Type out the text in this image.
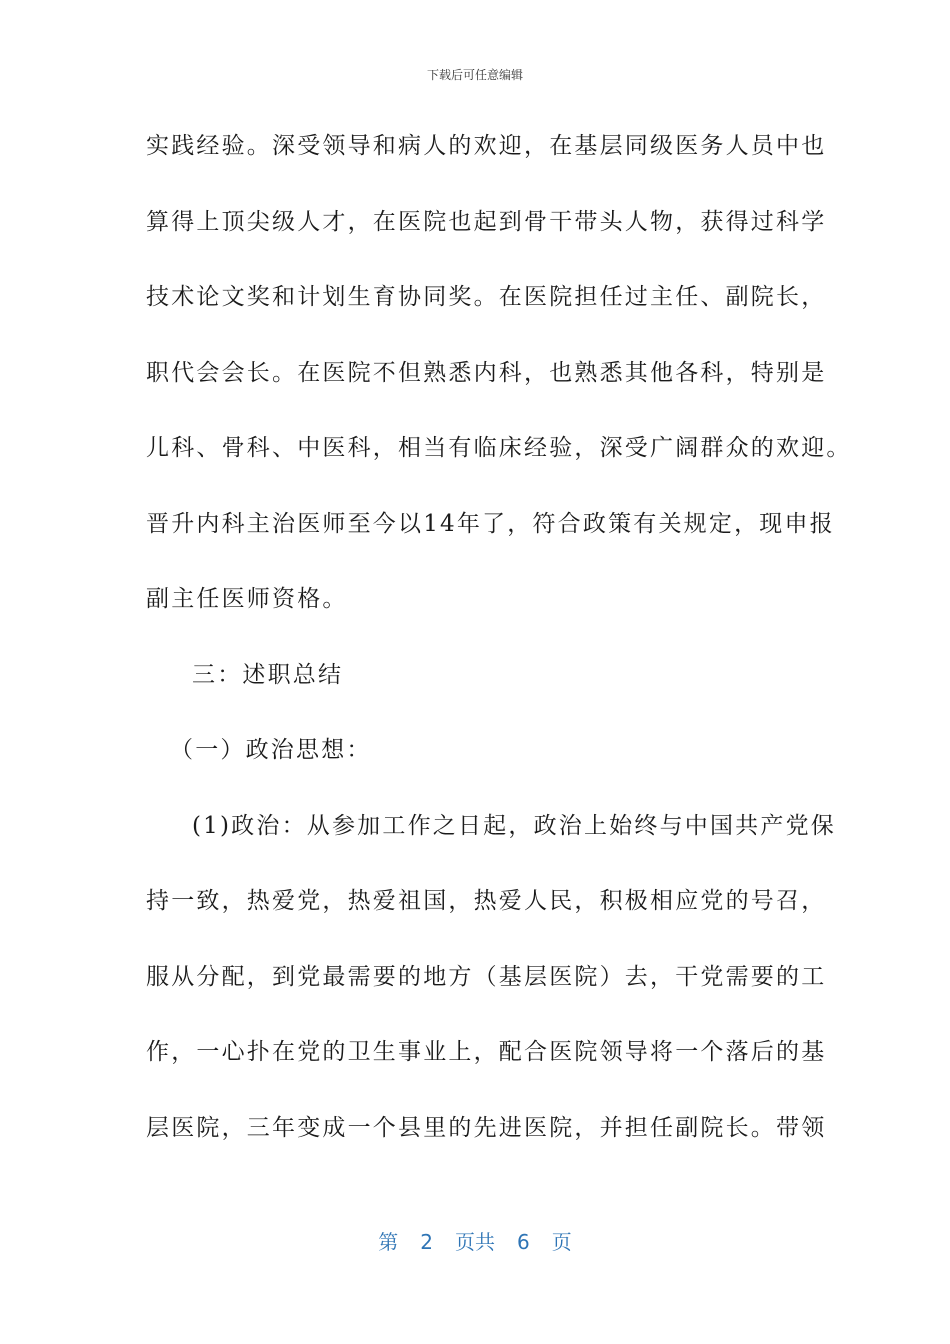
下载后可任意编辑
实践经验。深受领导和病人的欢迎，在基层同级医务人员中也
算得上顶尖级人才，在医院也起到骨干带头人物，获得过科学
技术论文奖和计划生育协同奖。在医院担任过主任、副院长，
职代会会长。在医院不但熟悉内科，也熟悉其他各科，特别是
儿科、骨科、中医科，相当有临床经验，深受广阔群众的欢迎。
晋升内科主治医师至今以14年了，符合政策有关规定，现申报
副主任医师资格。
三：述职总结
（一）政治思想：
(1)政治：从参加工作之日起，政治上始终与中国共产党保
持一致，热爱党，热爱祖国，热爱人民，积极相应党的号召，
服从分配，到党最需要的地方（基层医院）去，干党需要的工
作，一心扑在党的卫生事业上，配合医院领导将一个落后的基
层医院，三年变成一个县里的先进医院，并担任副院长。带领
第 2 页共 6 页
